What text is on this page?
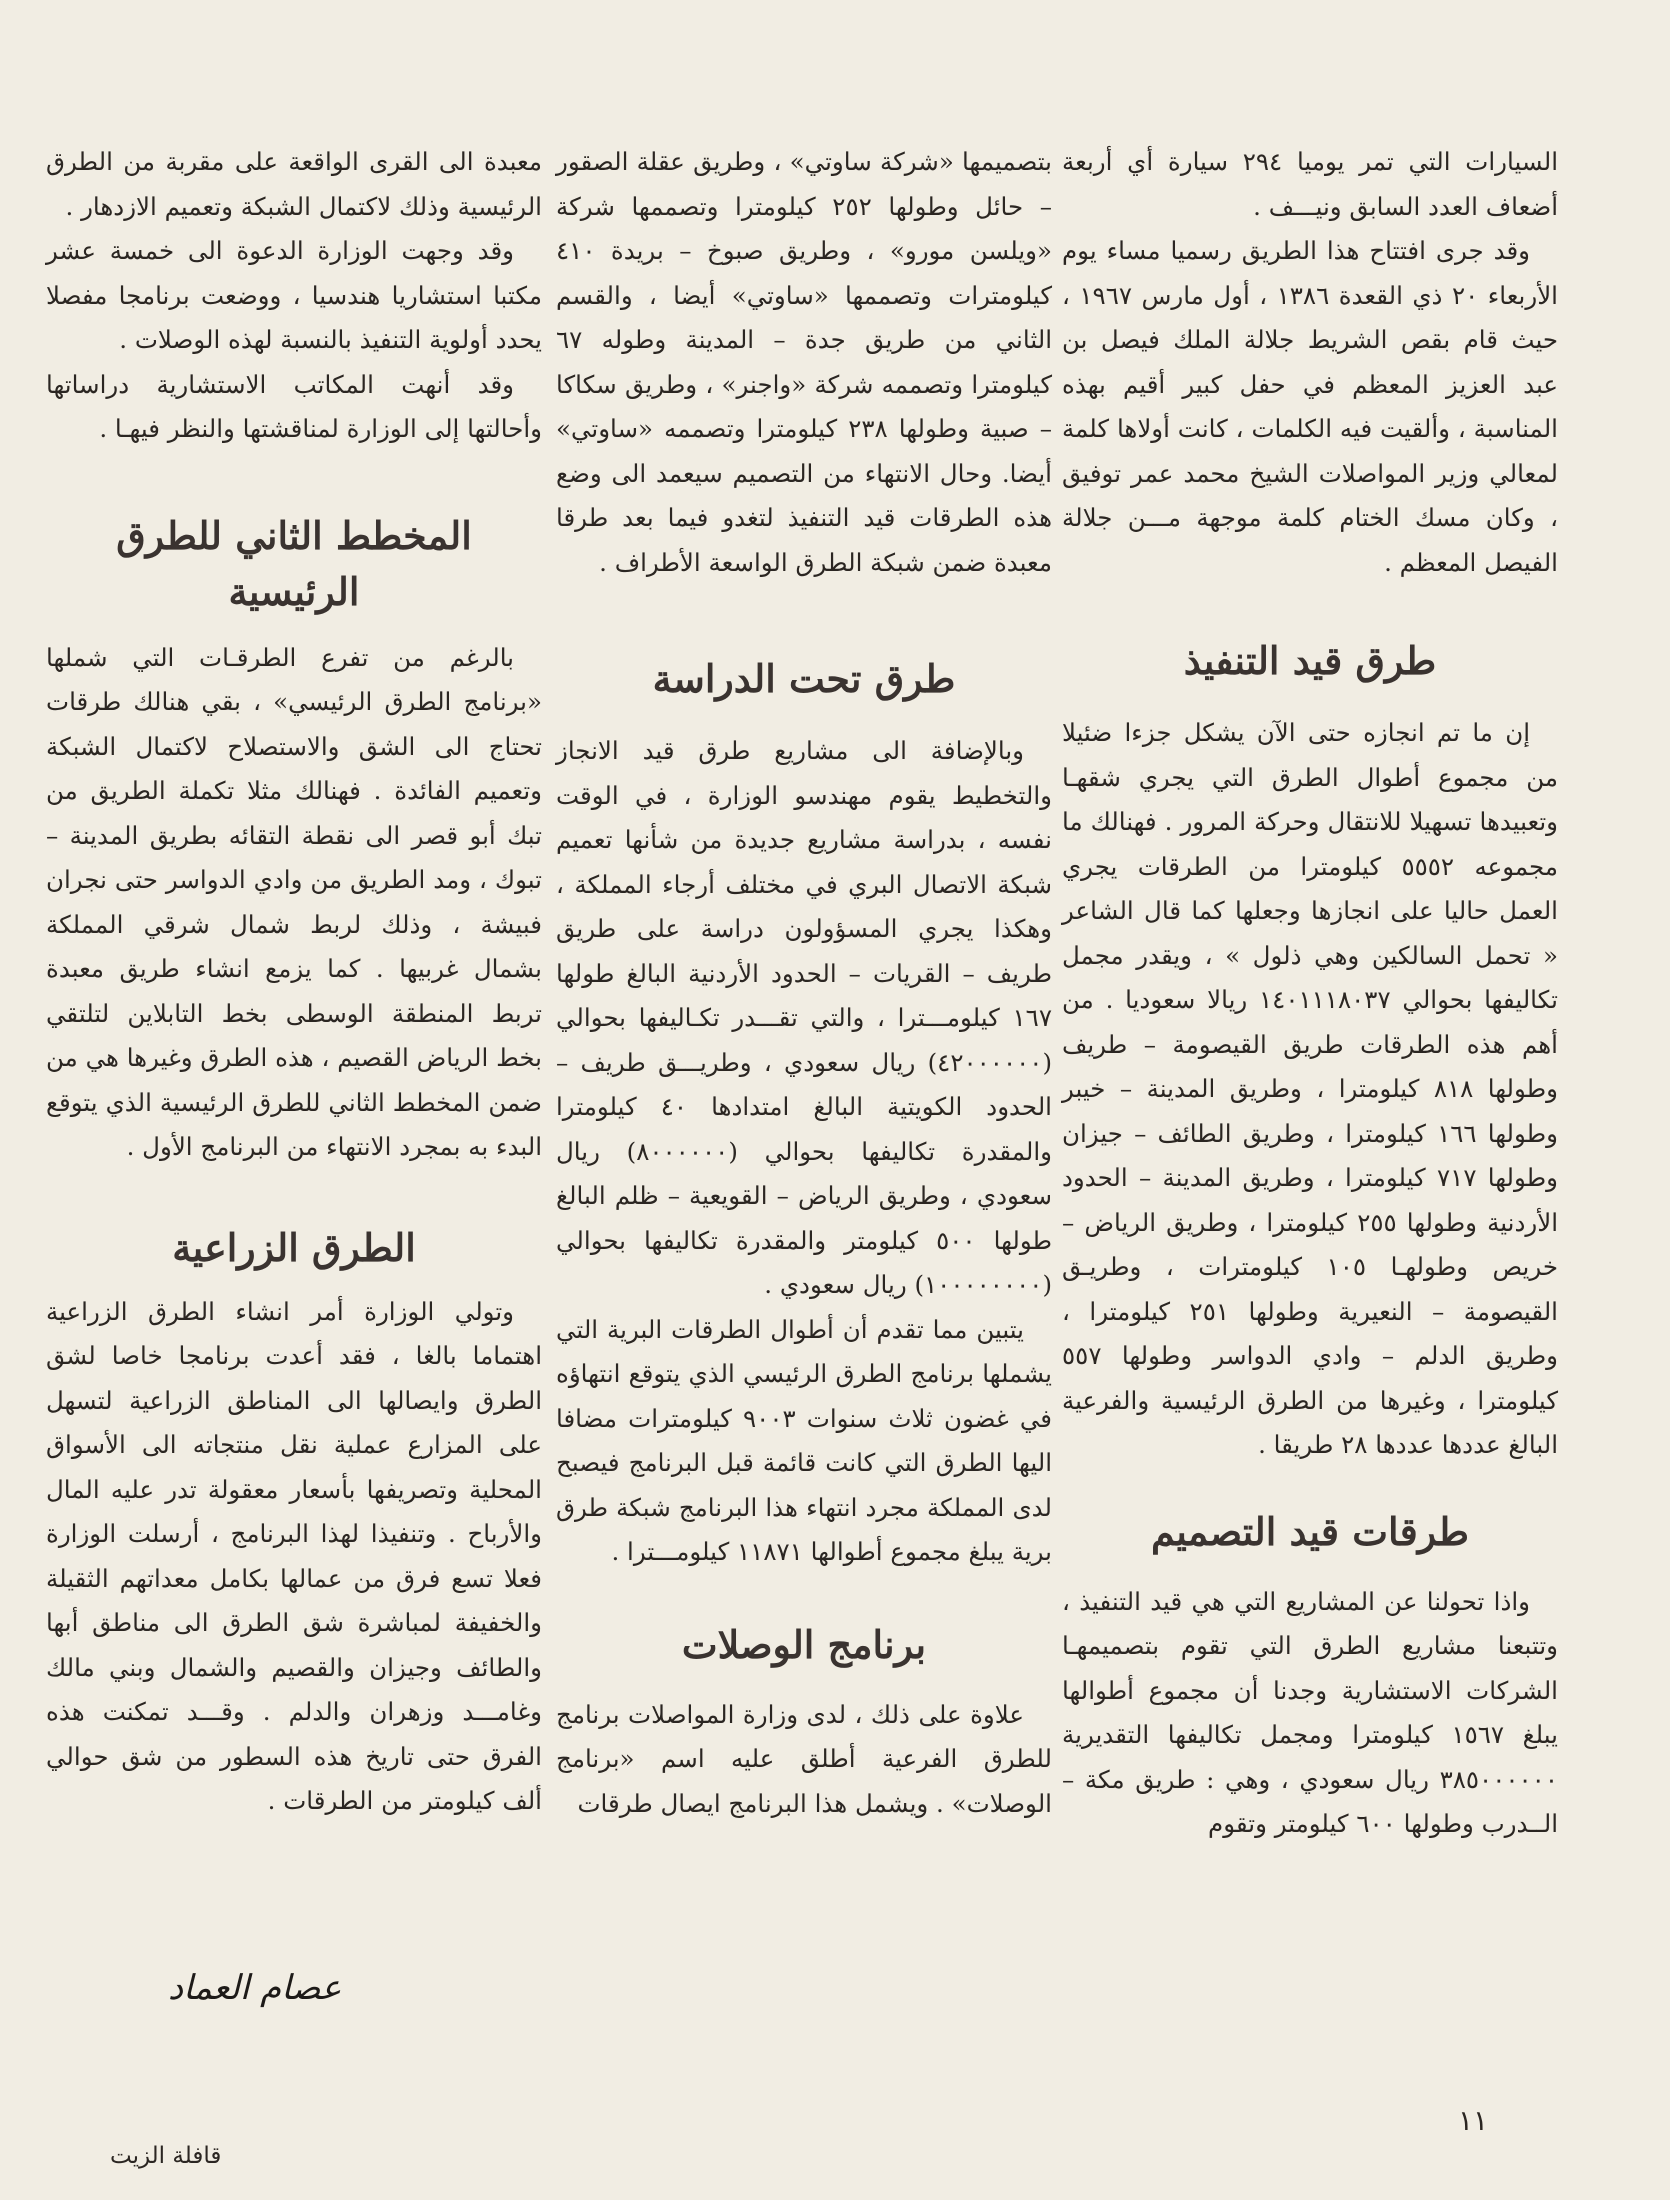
السيارات التي تمر يوميا ٢٩٤ سيارة أي أربعة أضعاف العدد السابق ونيـــف .

وقد جرى افتتاح هذا الطريق رسميا مساء يوم الأربعاء ٢٠ ذي القعدة ١٣٨٦ ، أول مارس ١٩٦٧ ، حيث قام بقص الشريط جلالة الملك فيصل بن عبد العزيز المعظم في حفل كبير أقيم بهذه المناسبة ، وألقيت فيه الكلمات ، كانت أولاها كلمة لمعالي وزير المواصلات الشيخ محمد عمر توفيق ، وكان مسك الختام كلمة موجهة مـــن جلالة الفيصل المعظم .

طرق قيد التنفيذ

إن ما تم انجازه حتى الآن يشكل جزءا ضئيلا من مجموع أطوال الطرق التي يجري شقهـا وتعبيدها تسهيلا للانتقال وحركة المرور . فهنالك ما مجموعه ٥٥٥٢ كيلومترا من الطرقات يجري العمل حاليا على انجازها وجعلها كما قال الشاعر « تحمل السالكين وهي ذلول » ، ويقدر مجمل تكاليفها بحوالي ١٤٠١١١٨٠٣٧ ريالا سعوديا . من أهم هذه الطرقات طريق القيصومة – طريف وطولها ٨١٨ كيلومترا ، وطريق المدينة – خيبر وطولها ١٦٦ كيلومترا ، وطريق الطائف – جيزان وطولها ٧١٧ كيلومترا ، وطريق المدينة – الحدود الأردنية وطولها ٢٥٥ كيلومترا ، وطريق الرياض – خريص وطولهـا ١٠٥ كيلومترات ، وطريـق القيصومة – النعيرية وطولها ٢٥١ كيلومترا ، وطريق الدلم – وادي الدواسر وطولها ٥٥٧ كيلومترا ، وغيرها من الطرق الرئيسية والفرعية البالغ عددها عددها ٢٨ طريقا .

طرقات قيد التصميم

واذا تحولنا عن المشاريع التي هي قيد التنفيذ ، وتتبعنا مشاريع الطرق التي تقوم بتصميمهـا الشركات الاستشارية وجدنا أن مجموع أطوالها يبلغ ١٥٦٧ كيلومترا ومجمل تكاليفها التقديرية ٣٨٥٠٠٠٠٠٠ ريال سعودي ، وهي : طريق مكة – الــدرب وطولها ٦٠٠ كيلومتر وتقوم

بتصميمها «شركة ساوتي» ، وطريق عقلة الصقور – حائل وطولها ٢٥٢ كيلومترا وتصممها شركة «ويلسن مورو» ، وطريق صبوخ – بريدة ٤١٠ كيلومترات وتصممها «ساوتي» أيضا ، والقسم الثاني من طريق جدة – المدينة وطوله ٦٧ كيلومترا وتصممه شركة «واجنر» ، وطريق سكاكا – صبية وطولها ٢٣٨ كيلومترا وتصممه «ساوتي» أيضا. وحال الانتهاء من التصميم سيعمد الى وضع هذه الطرقات قيد التنفيذ لتغدو فيما بعد طرقا معبدة ضمن شبكة الطرق الواسعة الأطراف .

طرق تحت الدراسة

وبالإضافة الى مشاريع طرق قيد الانجاز والتخطيط يقوم مهندسو الوزارة ، في الوقت نفسه ، بدراسة مشاريع جديدة من شأنها تعميم شبكة الاتصال البري في مختلف أرجاء المملكة ، وهكذا يجري المسؤولون دراسة على طريق طريف – القريات – الحدود الأردنية البالغ طولها ١٦٧ كيلومـــترا ، والتي تقـــدر تكـاليفها بحوالي (٤٢٠٠٠٠٠٠) ريال سعودي ، وطريـــق طريف – الحدود الكويتية البالغ امتدادها ٤٠ كيلومترا والمقدرة تكاليفها بحوالي (٨٠٠٠٠٠٠) ريال سعودي ، وطريق الرياض – القويعية – ظلم البالغ طولها ٥٠٠ كيلومتر والمقدرة تكاليفها بحوالي (١٠٠٠٠٠٠٠٠) ريال سعودي .

يتبين مما تقدم أن أطوال الطرقات البرية التي يشملها برنامج الطرق الرئيسي الذي يتوقع انتهاؤه في غضون ثلاث سنوات ٩٠٠٣ كيلومترات مضافا اليها الطرق التي كانت قائمة قبل البرنامج فيصبح لدى المملكة مجرد انتهاء هذا البرنامج شبكة طرق برية يبلغ مجموع أطوالها ١١٨٧١ كيلومـــترا .

برنامج الوصلات

علاوة على ذلك ، لدى وزارة المواصلات برنامج للطرق الفرعية أطلق عليه اسم «برنامج الوصلات» . ويشمل هذا البرنامج ايصال طرقات

معبدة الى القرى الواقعة على مقربة من الطرق الرئيسية وذلك لاكتمال الشبكة وتعميم الازدهار .

وقد وجهت الوزارة الدعوة الى خمسة عشر مكتبا استشاريا هندسيا ، ووضعت برنامجا مفصلا يحدد أولوية التنفيذ بالنسبة لهذه الوصلات .

وقد أنهت المكاتب الاستشارية دراساتها وأحالتها إلى الوزارة لمناقشتها والنظر فيهـا .

المخطط الثاني للطرق الرئيسية

بالرغم من تفرع الطرقـات التي شملها «برنامج الطرق الرئيسي» ، بقي هنالك طرقات تحتاج الى الشق والاستصلاح لاكتمال الشبكة وتعميم الفائدة . فهنالك مثلا تكملة الطريق من تبك أبو قصر الى نقطة التقائه بطريق المدينة – تبوك ، ومد الطريق من وادي الدواسر حتى نجران فبيشة ، وذلك لربط شمال شرقي المملكة بشمال غربيها . كما يزمع انشاء طريق معبدة تربط المنطقة الوسطى بخط التابلاين لتلتقي بخط الرياض القصيم ، هذه الطرق وغيرها هي من ضمن المخطط الثاني للطرق الرئيسية الذي يتوقع البدء به بمجرد الانتهاء من البرنامج الأول .

الطرق الزراعية

وتولي الوزارة أمر انشاء الطرق الزراعية اهتماما بالغا ، فقد أعدت برنامجا خاصا لشق الطرق وايصالها الى المناطق الزراعية لتسهل على المزارع عملية نقل منتجاته الى الأسواق المحلية وتصريفها بأسعار معقولة تدر عليه المال والأرباح . وتنفيذا لهذا البرنامج ، أرسلت الوزارة فعلا تسع فرق من عمالها بكامل معداتهم الثقيلة والخفيفة لمباشرة شق الطرق الى مناطق أبها والطائف وجيزان والقصيم والشمال وبني مالك وغامـــد وزهران والدلم . وقـــد تمكنت هذه الفرق حتى تاريخ هذه السطور من شق حوالي ألف كيلومتر من الطرقات .

عصام العماد
١١
قافلة الزيت
